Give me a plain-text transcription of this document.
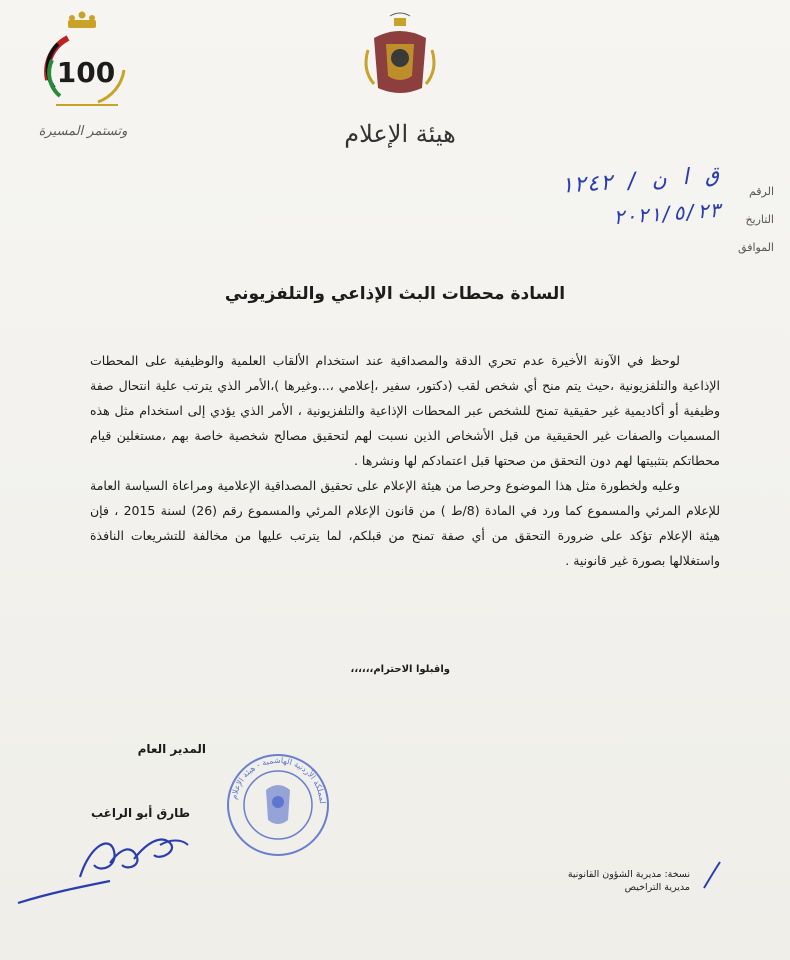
100
وتستمر المسيرة	هيئة الإعلام
الرقم
التاريخ
الموافق
ق ا ن / ١٢٤٢
٢٠٢١/٥/٢٣
السادة محطات البث الإذاعي والتلفزيوني

لوحظ في الآونة الأخيرة عدم تحري الدقة والمصداقية عند استخدام الألقاب العلمية والوظيفية على المحطات الإذاعية والتلفزيونية ،حيث يتم منح أي شخص لقب (دكتور، سفير ،إعلامي ،...وغيرها )،الأمر الذي يترتب علية انتحال صفة وظيفية أو أكاديمية غير حقيقية تمنح للشخص عبر المحطات الإذاعية والتلفزيونية ، الأمر الذي يؤدي إلى استخدام مثل هذه المسميات والصفات غير الحقيقية من قبل الأشخاص الذين نسبت لهم لتحقيق مصالح شخصية خاصة بهم ،مستغلين قيام محطاتكم بتثبيتها لهم دون التحقق من صحتها قبل اعتمادكم لها ونشرها .

وعليه ولخطورة مثل هذا الموضوع وحرصا من هيئة الإعلام على تحقيق المصداقية الإعلامية ومراعاة السياسة العامة للإعلام المرئي والمسموع كما ورد في المادة (8/ط ) من قانون الإعلام المرئي والمسموع رقم (26) لسنة 2015 ، فإن هيئة الإعلام تؤكد على ضرورة التحقق من أي صفة تمنح من قبلكم، لما يترتب عليها من مخالفة للتشريعات النافذة واستغلالها بصورة غير قانونية .

واقبلوا الاحترام،،،،،،
المدير العام
طارق أبو الراغب
لمملكة الأردنية الهاشمية - هيئة الإعلام
نسخة: مديرية الشؤون القانونية
مديرية التراخيص
